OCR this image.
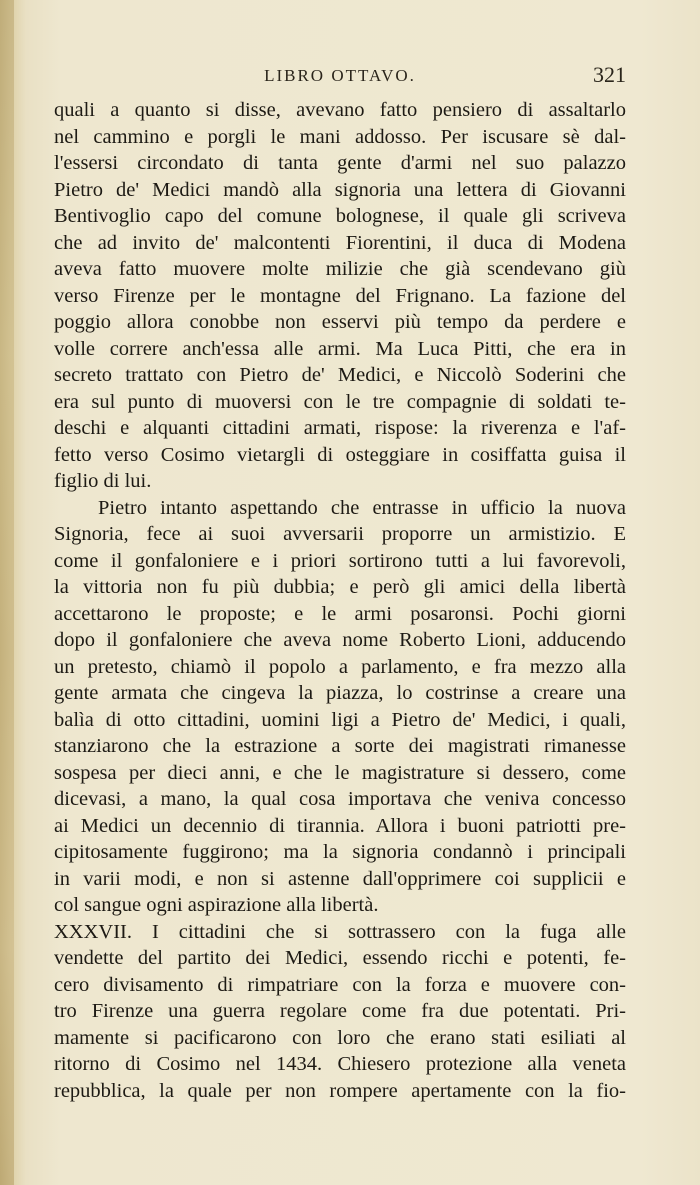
LIBRO OTTAVO.	321
quali a quanto si disse, avevano fatto pensiero di assaltarlo
nel cammino e porgli le mani addosso. Per iscusare sè dal-
l'essersi circondato di tanta gente d'armi nel suo palazzo
Pietro de' Medici mandò alla signoria una lettera di Giovanni
Bentivoglio capo del comune bolognese, il quale gli scriveva
che ad invito de' malcontenti Fiorentini, il duca di Modena
aveva fatto muovere molte milizie che già scendevano giù
verso Firenze per le montagne del Frignano. La fazione del
poggio allora conobbe non esservi più tempo da perdere e
volle correre anch'essa alle armi. Ma Luca Pitti, che era in
secreto trattato con Pietro de' Medici, e Niccolò Soderini che
era sul punto di muoversi con le tre compagnie di soldati te-
deschi e alquanti cittadini armati, rispose: la riverenza e l'af-
fetto verso Cosimo vietargli di osteggiare in cosiffatta guisa il
figlio di lui.
Pietro intanto aspettando che entrasse in ufficio la nuova
Signoria, fece ai suoi avversarii proporre un armistizio. E
come il gonfaloniere e i priori sortirono tutti a lui favorevoli,
la vittoria non fu più dubbia; e però gli amici della libertà
accettarono le proposte; e le armi posaronsi. Pochi giorni
dopo il gonfaloniere che aveva nome Roberto Lioni, adducendo
un pretesto, chiamò il popolo a parlamento, e fra mezzo alla
gente armata che cingeva la piazza, lo costrinse a creare una
balìa di otto cittadini, uomini ligi a Pietro de' Medici, i quali,
stanziarono che la estrazione a sorte dei magistrati rimanesse
sospesa per dieci anni, e che le magistrature si dessero, come
dicevasi, a mano, la qual cosa importava che veniva concesso
ai Medici un decennio di tirannia. Allora i buoni patriotti pre-
cipitosamente fuggirono; ma la signoria condannò i principali
in varii modi, e non si astenne dall'opprimere coi supplicii e
col sangue ogni aspirazione alla libertà.
XXXVII. I cittadini che si sottrassero con la fuga alle
vendette del partito dei Medici, essendo ricchi e potenti, fe-
cero divisamento di rimpatriare con la forza e muovere con-
tro Firenze una guerra regolare come fra due potentati. Pri-
mamente si pacificarono con loro che erano stati esiliati al
ritorno di Cosimo nel 1434. Chiesero protezione alla veneta
repubblica, la quale per non rompere apertamente con la fio-
